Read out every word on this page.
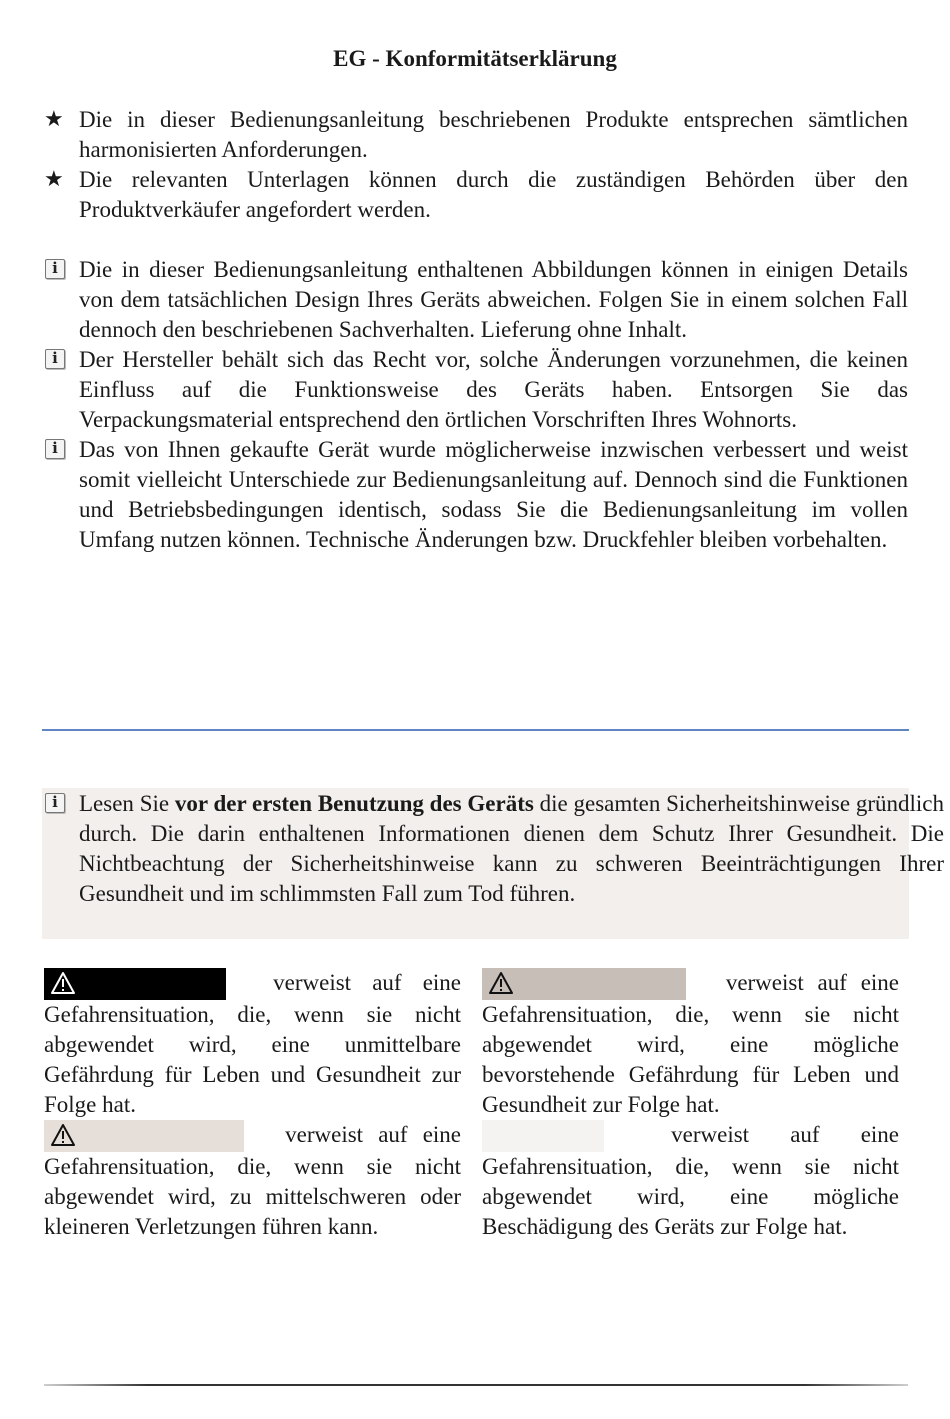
EG - Konformitätserklärung
★ Die in dieser Bedienungsanleitung beschriebenen Produkte entsprechen sämtlichen harmonisierten Anforderungen.
★ Die relevanten Unterlagen können durch die zuständigen Behörden über den Produktverkäufer angefordert werden.
i Die in dieser Bedienungsanleitung enthaltenen Abbildungen können in einigen Details von dem tatsächlichen Design Ihres Geräts abweichen. Folgen Sie in einem solchen Fall dennoch den beschriebenen Sachverhalten. Lieferung ohne Inhalt.
i Der Hersteller behält sich das Recht vor, solche Änderungen vorzunehmen, die keinen Einfluss auf die Funktionsweise des Geräts haben. Entsorgen Sie das Verpackungsmaterial entsprechend den örtlichen Vorschriften Ihres Wohnorts.
i Das von Ihnen gekaufte Gerät wurde möglicherweise inzwischen verbessert und weist somit vielleicht Unterschiede zur Bedienungsanleitung auf. Dennoch sind die Funktionen und Betriebsbedingungen identisch, sodass Sie die Bedienungsanleitung im vollen Umfang nutzen können. Technische Änderungen bzw. Druckfehler bleiben vorbehalten.
i Lesen Sie vor der ersten Benutzung des Geräts die gesamten Sicherheitshinweise gründlich durch. Die darin enthaltenen Informationen dienen dem Schutz Ihrer Gesundheit. Die Nichtbeachtung der Sicherheitshinweise kann zu schweren Beeinträchtigungen Ihrer Gesundheit und im schlimmsten Fall zum Tod führen.
verweist auf eine Gefahrensituation, die, wenn sie nicht abgewendet wird, eine unmittelbare Gefährdung für Leben und Gesundheit zur Folge hat.
verweist auf eine Gefahrensituation, die, wenn sie nicht abgewendet wird, zu mittelschweren oder kleineren Verletzungen führen kann.
verweist auf eine Gefahrensituation, die, wenn sie nicht abgewendet wird, eine mögliche bevorstehende Gefährdung für Leben und Gesundheit zur Folge hat.
verweist auf eine Gefahrensituation, die, wenn sie nicht abgewendet wird, eine mögliche Beschädigung des Geräts zur Folge hat.
